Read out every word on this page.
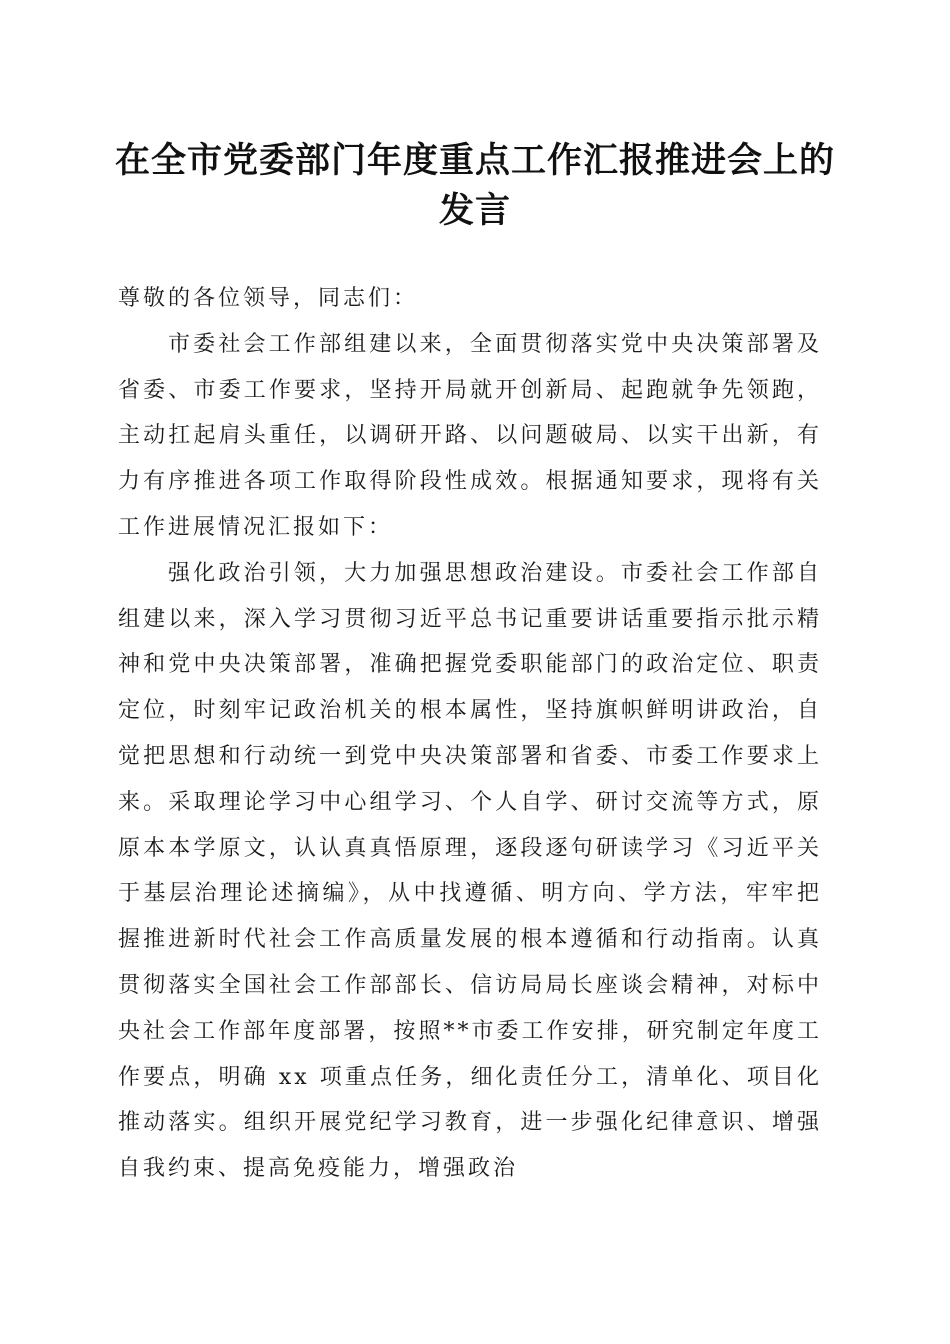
在全市党委部门年度重点工作汇报推进会上的发言

尊敬的各位领导，同志们：

市委社会工作部组建以来，全面贯彻落实党中央决策部署及省委、市委工作要求，坚持开局就开创新局、起跑就争先领跑，主动扛起肩头重任，以调研开路、以问题破局、以实干出新，有力有序推进各项工作取得阶段性成效。根据通知要求，现将有关工作进展情况汇报如下：

强化政治引领，大力加强思想政治建设。市委社会工作部自组建以来，深入学习贯彻习近平总书记重要讲话重要指示批示精神和党中央决策部署，准确把握党委职能部门的政治定位、职责定位，时刻牢记政治机关的根本属性，坚持旗帜鲜明讲政治，自觉把思想和行动统一到党中央决策部署和省委、市委工作要求上来。采取理论学习中心组学习、个人自学、研讨交流等方式，原原本本学原文，认认真真悟原理，逐段逐句研读学习《习近平关于基层治理论述摘编》，从中找遵循、明方向、学方法，牢牢把握推进新时代社会工作高质量发展的根本遵循和行动指南。认真贯彻落实全国社会工作部部长、信访局局长座谈会精神，对标中央社会工作部年度部署，按照**市委工作安排，研究制定年度工作要点，明确 xx 项重点任务，细化责任分工，清单化、项目化推动落实。组织开展党纪学习教育，进一步强化纪律意识、增强自我约束、提高免疫能力，增强政治
